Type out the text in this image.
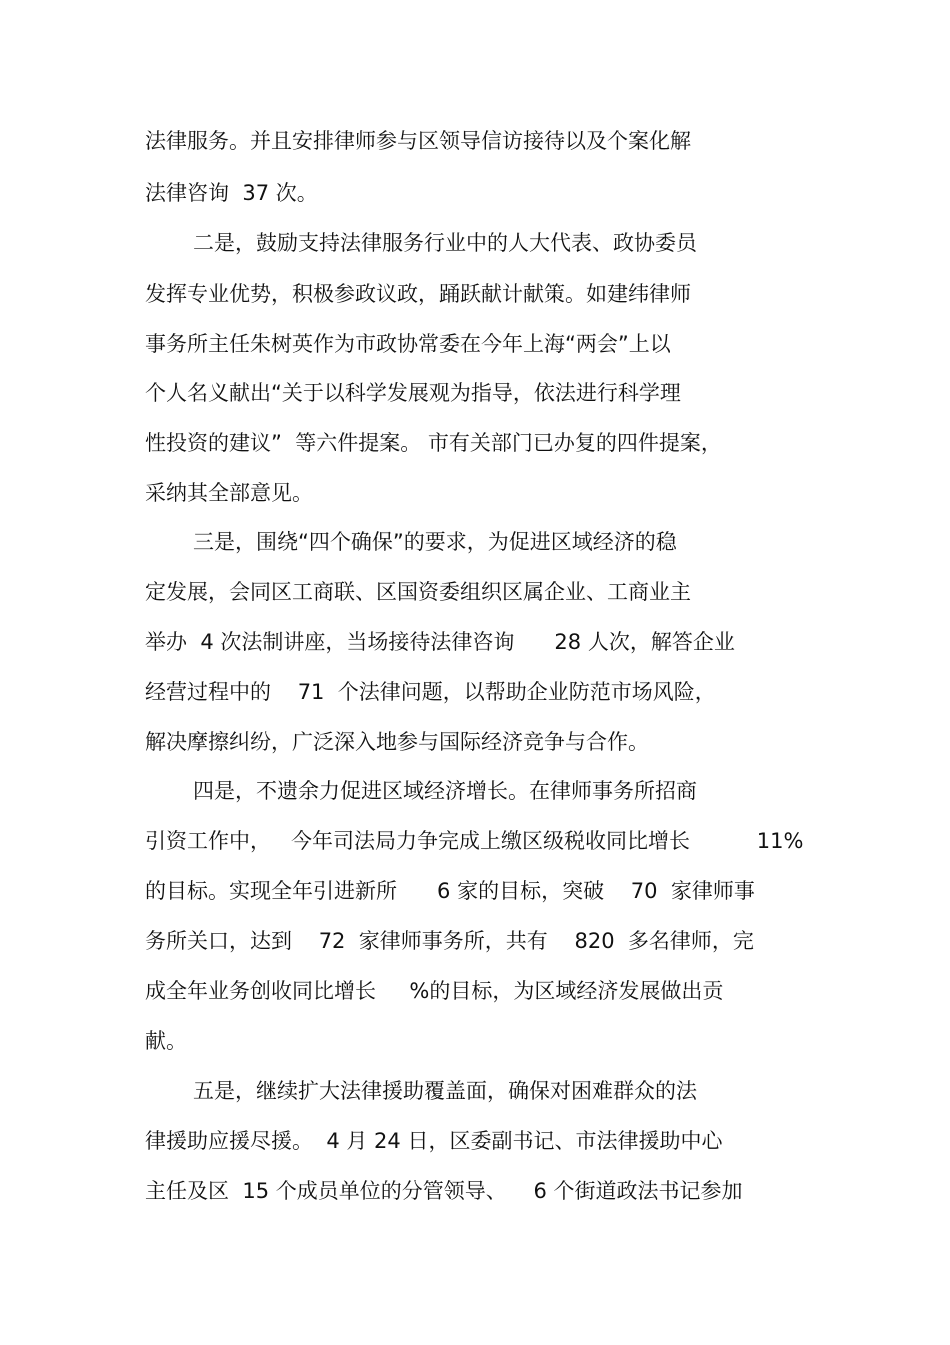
法律服务。并且安排律师参与区领导信访接待以及个案化解

法律咨询  37 次。

二是，鼓励支持法律服务行业中的人大代表、政协委员

发挥专业优势，积极参政议政，踊跃献计献策。如建纬律师

事务所主任朱树英作为市政协常委在今年上海“两会”上以

个人名义献出“关于以科学发展观为指导，依法进行科学理

性投资的建议”  等六件提案。 市有关部门已办复的四件提案，

采纳其全部意见。

三是，围绕“四个确保”的要求，为促进区域经济的稳

定发展，会同区工商联、区国资委组织区属企业、工商业主

举办  4 次法制讲座，当场接待法律咨询      28 人次，解答企业

经营过程中的    71  个法律问题，以帮助企业防范市场风险，

解决摩擦纠纷，广泛深入地参与国际经济竞争与合作。

四是，不遗余力促进区域经济增长。在律师事务所招商

引资工作中，   今年司法局力争完成上缴区级税收同比增长          11%

的目标。实现全年引进新所      6 家的目标，突破    70  家律师事

务所关口，达到    72  家律师事务所，共有    820  多名律师，完

成全年业务创收同比增长     %的目标，为区域经济发展做出贡

献。

五是，继续扩大法律援助覆盖面，确保对困难群众的法

律援助应援尽援。  4 月 24 日，区委副书记、市法律援助中心

主任及区  15 个成员单位的分管领导、    6 个街道政法书记参加
